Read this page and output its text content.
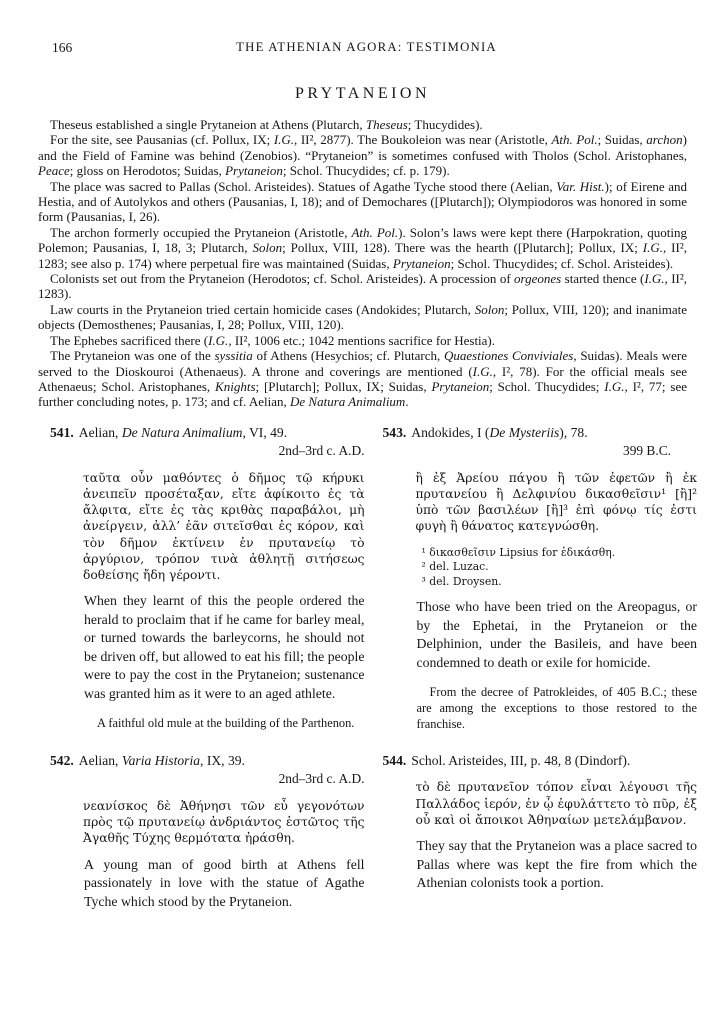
166	THE ATHENIAN AGORA: TESTIMONIA
PRYTANEION

Theseus established a single Prytaneion at Athens (Plutarch, Theseus; Thucydides).

For the site, see Pausanias (cf. Pollux, IX; I.G., II², 2877). The Boukoleion was near (Aristotle, Ath. Pol.; Suidas, archon) and the Field of Famine was behind (Zenobios). “Prytaneion” is sometimes confused with Tholos (Schol. Aristophanes, Peace; gloss on Herodotos; Suidas, Prytaneion; Schol. Thucydides; cf. p. 179).

The place was sacred to Pallas (Schol. Aristeides). Statues of Agathe Tyche stood there (Aelian, Var. Hist.); of Eirene and Hestia, and of Autolykos and others (Pausanias, I, 18); and of Demochares ([Plutarch]); Olympiodoros was honored in some form (Pausanias, I, 26).

The archon formerly occupied the Prytaneion (Aristotle, Ath. Pol.). Solon’s laws were kept there (Harpokration, quoting Polemon; Pausanias, I, 18, 3; Plutarch, Solon; Pollux, VIII, 128). There was the hearth ([Plutarch]; Pollux, IX; I.G., II², 1283; see also p. 174) where perpetual fire was maintained (Suidas, Prytaneion; Schol. Thucydides; cf. Schol. Aristeides).

Colonists set out from the Prytaneion (Herodotos; cf. Schol. Aristeides). A procession of orgeones started thence (I.G., II², 1283).

Law courts in the Prytaneion tried certain homicide cases (Andokides; Plutarch, Solon; Pollux, VIII, 120); and inanimate objects (Demosthenes; Pausanias, I, 28; Pollux, VIII, 120).

The Ephebes sacrificed there (I.G., II², 1006 etc.; 1042 mentions sacrifice for Hestia).

The Prytaneion was one of the syssitia of Athens (Hesychios; cf. Plutarch, Quaestiones Conviviales, Suidas). Meals were served to the Dioskouroi (Athenaeus). A throne and coverings are mentioned (I.G., I², 78). For the official meals see Athenaeus; Schol. Aristophanes, Knights; [Plutarch]; Pollux, IX; Suidas, Prytaneion; Schol. Thucydides; I.G., I², 77; see further concluding notes, p. 173; and cf. Aelian, De Natura Animalium.

541. Aelian, De Natura Animalium, VI, 49.

2nd–3rd c. A.D.

ταῦτα οὖν μαθόντες ὁ δῆμος τῷ κήρυκι ἀνειπεῖν προσέταξαν, εἴτε ἀφίκοιτο ἐς τὰ ἄλφιτα, εἴτε ἐς τὰς κριθὰς παραβάλοι, μὴ ἀνείργειν, ἀλλ’ ἐᾶν σιτεῖσθαι ἐς κόρον, καὶ τὸν δῆμον ἐκτίνειν ἐν πρυτανείῳ τὸ ἀργύριον, τρόπον τινὰ ἀθλητῇ σιτήσεως δοθείσης ἤδη γέροντι.
When they learnt of this the people ordered the herald to proclaim that if he came for barley meal, or turned towards the barleycorns, he should not be driven off, but allowed to eat his fill; the people were to pay the cost in the Prytaneion; sustenance was granted him as it were to an aged athlete.
A faithful old mule at the building of the Parthenon.

542. Aelian, Varia Historia, IX, 39.

2nd–3rd c. A.D.

νεανίσκος δὲ Ἀθήνησι τῶν εὖ γεγονότων πρὸς τῷ πρυτανείῳ ἀνδριάντος ἑστῶτος τῆς Ἀγαθῆς Τύχης θερμότατα ἠράσθη.
A young man of good birth at Athens fell passionately in love with the statue of Agathe Tyche which stood by the Prytaneion.

543. Andokides, I (De Mysteriis), 78.

399 B.C.

ἢ ἐξ Ἀρείου πάγου ἢ τῶν ἐφετῶν ἢ ἐκ πρυτανείου ἢ Δελφινίου δικασθεῖσιν¹ [ἢ]² ὑπὸ τῶν βασιλέων [ἢ]³ ἐπὶ φόνῳ τίς ἐστι φυγὴ ἢ θάνατος κατεγνώσθη.
¹ δικασθεῖσιν Lipsius for ἐδικάσθη.
² del. Luzac.
³ del. Droysen.
Those who have been tried on the Areopagus, or by the Ephetai, in the Prytaneion or the Delphinion, under the Basileis, and have been condemned to death or exile for homicide.
From the decree of Patrokleides, of 405 B.C.; these are among the exceptions to those restored to the franchise.

544. Schol. Aristeides, III, p. 48, 8 (Dindorf).

τὸ δὲ πρυτανεῖον τόπον εἶναι λέγουσι τῆς Παλλάδος ἱερόν, ἐν ᾧ ἐφυλάττετο τὸ πῦρ, ἐξ οὗ καὶ οἱ ἄποικοι Ἀθηναίων μετελάμβανον.
They say that the Prytaneion was a place sacred to Pallas where was kept the fire from which the Athenian colonists took a portion.
